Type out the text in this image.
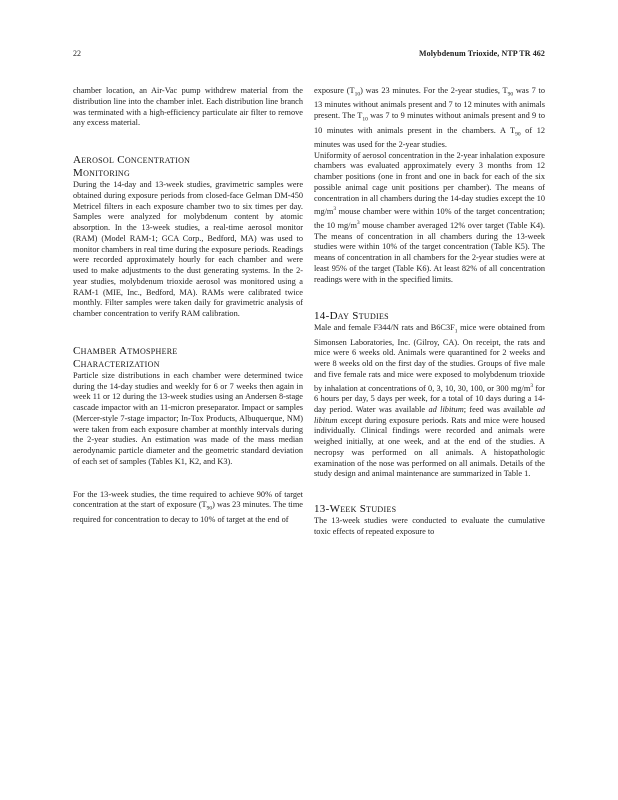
22	Molybdenum Trioxide, NTP TR 462

chamber location, an Air-Vac pump withdrew material from the distribution line into the chamber inlet. Each distribution line branch was terminated with a high-efficiency particulate air filter to remove any excess material.

Aerosol Concentration
Monitoring

During the 14-day and 13-week studies, gravimetric samples were obtained during exposure periods from closed-face Gelman DM-450 Metricel filters in each exposure chamber two to six times per day. Samples were analyzed for molybdenum content by atomic absorption. In the 13-week studies, a real-time aerosol monitor (RAM) (Model RAM-1; GCA Corp., Bedford, MA) was used to monitor chambers in real time during the exposure periods. Readings were recorded approximately hourly for each chamber and were used to make adjustments to the dust generating systems. In the 2-year studies, molybdenum trioxide aerosol was monitored using a RAM-1 (MIE, Inc., Bedford, MA). RAMs were calibrated twice monthly. Filter samples were taken daily for gravimetric analysis of chamber concentration to verify RAM calibration.

Chamber Atmosphere
Characterization

Particle size distributions in each chamber were determined twice during the 14-day studies and weekly for 6 or 7 weeks then again in week 11 or 12 during the 13-week studies using an Andersen 8-stage cascade impactor with an 11-micron preseparator. Impact or samples (Mercer-style 7-stage impactor; In-Tox Products, Albuquerque, NM) were taken from each exposure chamber at monthly intervals during the 2-year studies. An estimation was made of the mass median aerodynamic particle diameter and the geometric standard deviation of each set of samples (Tables K1, K2, and K3).

For the 13-week studies, the time required to achieve 90% of target concentration at the start of exposure $(T_{90})$ was 23 minutes. The time required for concentration to decay to 10% of target at the end of

exposure $(T_{10})$ was 23 minutes. For the 2-year studies, $T_{90}$ was 7 to 13 minutes without animals present and 7 to 12 minutes with animals present. The $T_{10}$ was 7 to 9 minutes without animals present and 9 to 10 minutes with animals present in the chambers. A $T_{90}$ of 12 minutes was used for the 2-year studies.

Uniformity of aerosol concentration in the 2-year inhalation exposure chambers was evaluated approximately every 3 months from 12 chamber positions (one in front and one in back for each of the six possible animal cage unit positions per chamber). The means of concentration in all chambers during the 14-day studies except the 10 $mg/m^3$ mouse chamber were within 10% of the target concentration; the 10 $mg/m^3$ mouse chamber averaged 12% over target (Table K4). The means of concentration in all chambers during the 13-week studies were within 10% of the target concentration (Table K5). The means of concentration in all chambers for the 2-year studies were at least 95% of the target (Table K6). At least 82% of all concentration readings were with in the specified limits.

14-Day Studies

Male and female F344/N rats and $B6C3F_1$ mice were obtained from Simonsen Laboratories, Inc. (Gilroy, CA). On receipt, the rats and mice were 6 weeks old. Animals were quarantined for 2 weeks and were 8 weeks old on the first day of the studies. Groups of five male and five female rats and mice were exposed to molybdenum trioxide by inhalation at concentrations of 0, 3, 10, 30, 100, or 300 $mg/m^3$ for 6 hours per day, 5 days per week, for a total of 10 days during a 14-day period. Water was available ad libitum; feed was available ad libitum except during exposure periods. Rats and mice were housed individually. Clinical findings were recorded and animals were weighed initially, at one week, and at the end of the studies. A necropsy was performed on all animals. A histopathologic examination of the nose was performed on all animals. Details of the study design and animal maintenance are summarized in Table 1.

13-Week Studies

The 13-week studies were conducted to evaluate the cumulative toxic effects of repeated exposure to
